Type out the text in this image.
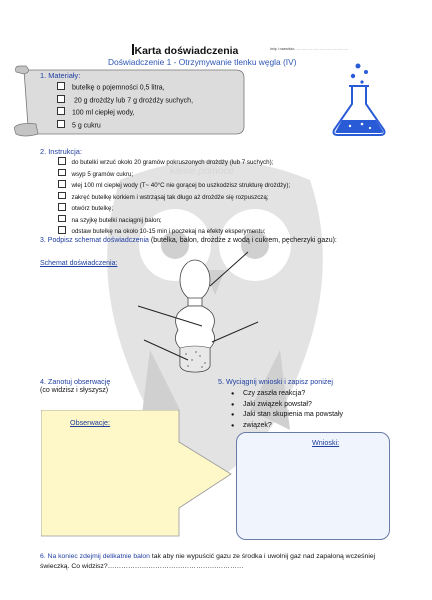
kawie.pomoce
Karta doświadczenia	Imię i nazwisko………………………………………
Doświadczenie 1 - Otrzymywanie tlenku węgla (IV)
1. Materiały:
butelkę o pojemności 0,5 litra,
20 g drożdży lub 7 g drożdży suchych,
100 ml ciepłej wody,
5 g cukru
2. Instrukcja:
do butelki wrzuć około 20 gramów pokruszonych drożdży (lub 7 suchych);
wsyp 5 gramów cukru;
wlej 100 ml ciepłej wody (T~ 40°C nie gorącej bo uszkodzisz strukturę drożdży);
zakręć butelkę korkiem i wstrząsaj tak długo aż drożdże się rozpuszczą;
otwórz butelkę;
na szyjkę butelki naciągnij balon;
odstaw butelkę na około 10-15 min i poczekaj na efekty eksperymentu;
3. Podpisz schemat doświadczenia (butelka, balon, drożdże z wodą i cukrem, pęcherzyki gazu):
Schemat doświadczenia:
4. Zanotuj obserwację
(co widzisz i słyszysz)
5. Wyciągnij wnioski i zapisz poniżej
● Czy zaszła reakcja?
● Jaki związek powstał?
● Jaki stan skupienia ma powstały
● związek?
Obserwacje:
Wnioski:
6. Na koniec zdejmij delikatnie balon tak aby nie wypuścić gazu ze środka i uwolnij gaz nad zapaloną wcześniej świeczką. Co widzisz?……………………………………………………
